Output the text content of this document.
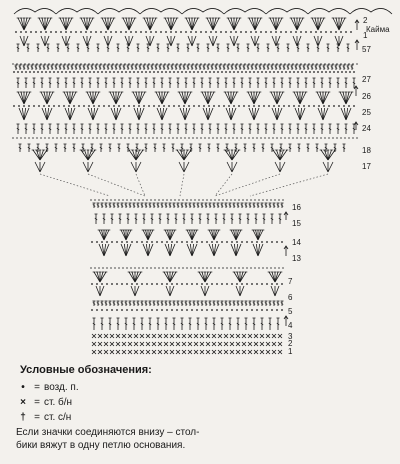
2
Кайма
1
57
27
26
25
24
18
17
16
15
14
13
7
6
5
4
3
2
1
Условные обозначения:
• = возд. п.
× = ст. б/н
† = ст. с/н
Если значки соединяются внизу – стол-
бики вяжут в одну петлю основания.
